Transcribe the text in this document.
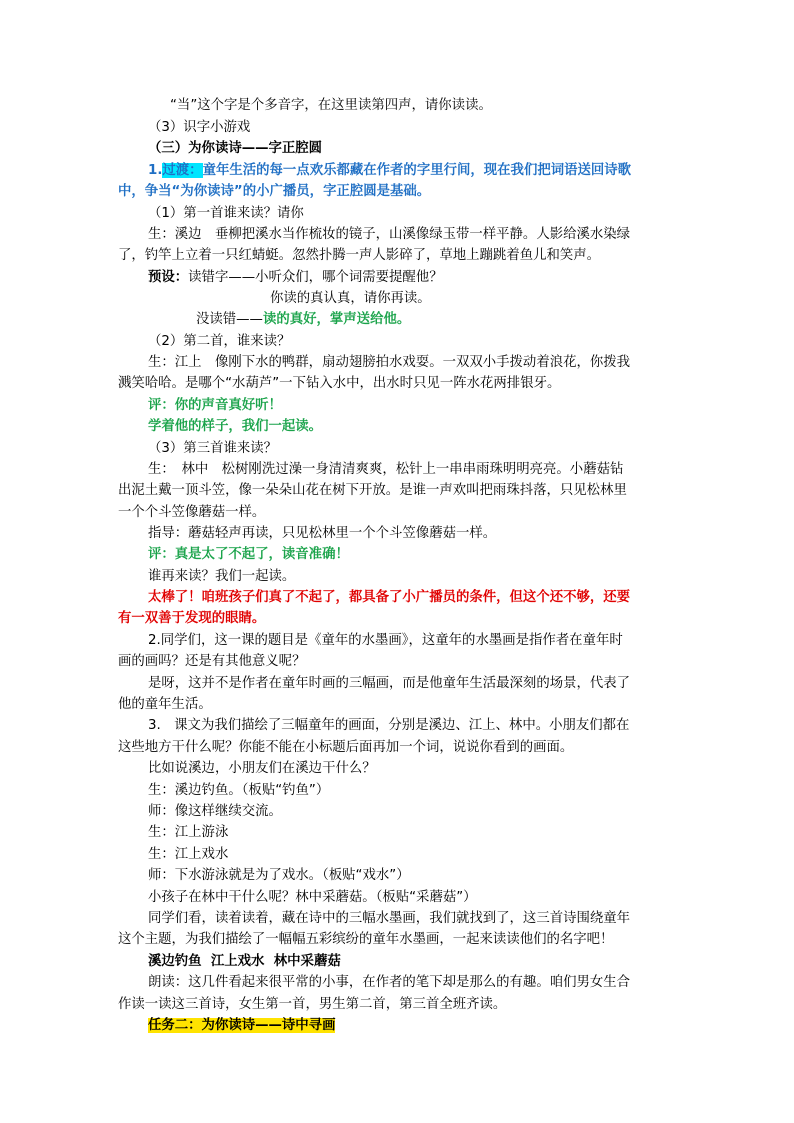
“当”这个字是个多音字，在这里读第四声，请你读读。
（3）识字小游戏
（三）为你读诗——字正腔圆
1.过渡：童年生活的每一点欢乐都藏在作者的字里行间，现在我们把词语送回诗歌
中，争当“为你读诗”的小广播员，字正腔圆是基础。
（1）第一首谁来读？请你
生：溪边　垂柳把溪水当作梳妆的镜子，山溪像绿玉带一样平静。人影给溪水染绿
了，钓竿上立着一只红蜻蜓。忽然扑腾一声人影碎了，草地上蹦跳着鱼儿和笑声。
预设：读错字——小听众们，哪个词需要提醒他？
你读的真认真，请你再读。
没读错——读的真好，掌声送给他。
（2）第二首，谁来读？
生：江上　像刚下水的鸭群，扇动翅膀拍水戏耍。一双双小手拨动着浪花，你拨我
溅笑哈哈。是哪个“水葫芦”一下钻入水中，出水时只见一阵水花两排银牙。
评：你的声音真好听！
学着他的样子，我们一起读。
（3）第三首谁来读？
生：　林中　松树刚洗过澡一身清清爽爽，松针上一串串雨珠明明亮亮。小蘑菇钻
出泥土戴一顶斗笠，像一朵朵山花在树下开放。是谁一声欢叫把雨珠抖落，只见松林里
一个个斗笠像蘑菇一样。
指导：蘑菇轻声再读，只见松林里一个个斗笠像蘑菇一样。
评：真是太了不起了，读音准确！
谁再来读？我们一起读。
太棒了！咱班孩子们真了不起了，都具备了小广播员的条件，但这个还不够，还要
有一双善于发现的眼睛。
2.同学们，这一课的题目是《童年的水墨画》，这童年的水墨画是指作者在童年时
画的画吗？还是有其他意义呢？
是呀，这并不是作者在童年时画的三幅画，而是他童年生活最深刻的场景，代表了
他的童年生活。
3.　课文为我们描绘了三幅童年的画面，分别是溪边、江上、林中。小朋友们都在
这些地方干什么呢？你能不能在小标题后面再加一个词，说说你看到的画面。
比如说溪边，小朋友们在溪边干什么？
生：溪边钓鱼。（板贴“钓鱼”）
师：像这样继续交流。
生：江上游泳
生：江上戏水
师：下水游泳就是为了戏水。（板贴“戏水”）
小孩子在林中干什么呢？林中采蘑菇。（板贴“采蘑菇”）
同学们看，读着读着，藏在诗中的三幅水墨画，我们就找到了，这三首诗围绕童年
这个主题，为我们描绘了一幅幅五彩缤纷的童年水墨画，一起来读读他们的名字吧！
溪边钓鱼  江上戏水  林中采蘑菇
朗读：这几件看起来很平常的小事，在作者的笔下却是那么的有趣。咱们男女生合
作读一读这三首诗，女生第一首，男生第二首，第三首全班齐读。
任务二：为你读诗——诗中寻画
